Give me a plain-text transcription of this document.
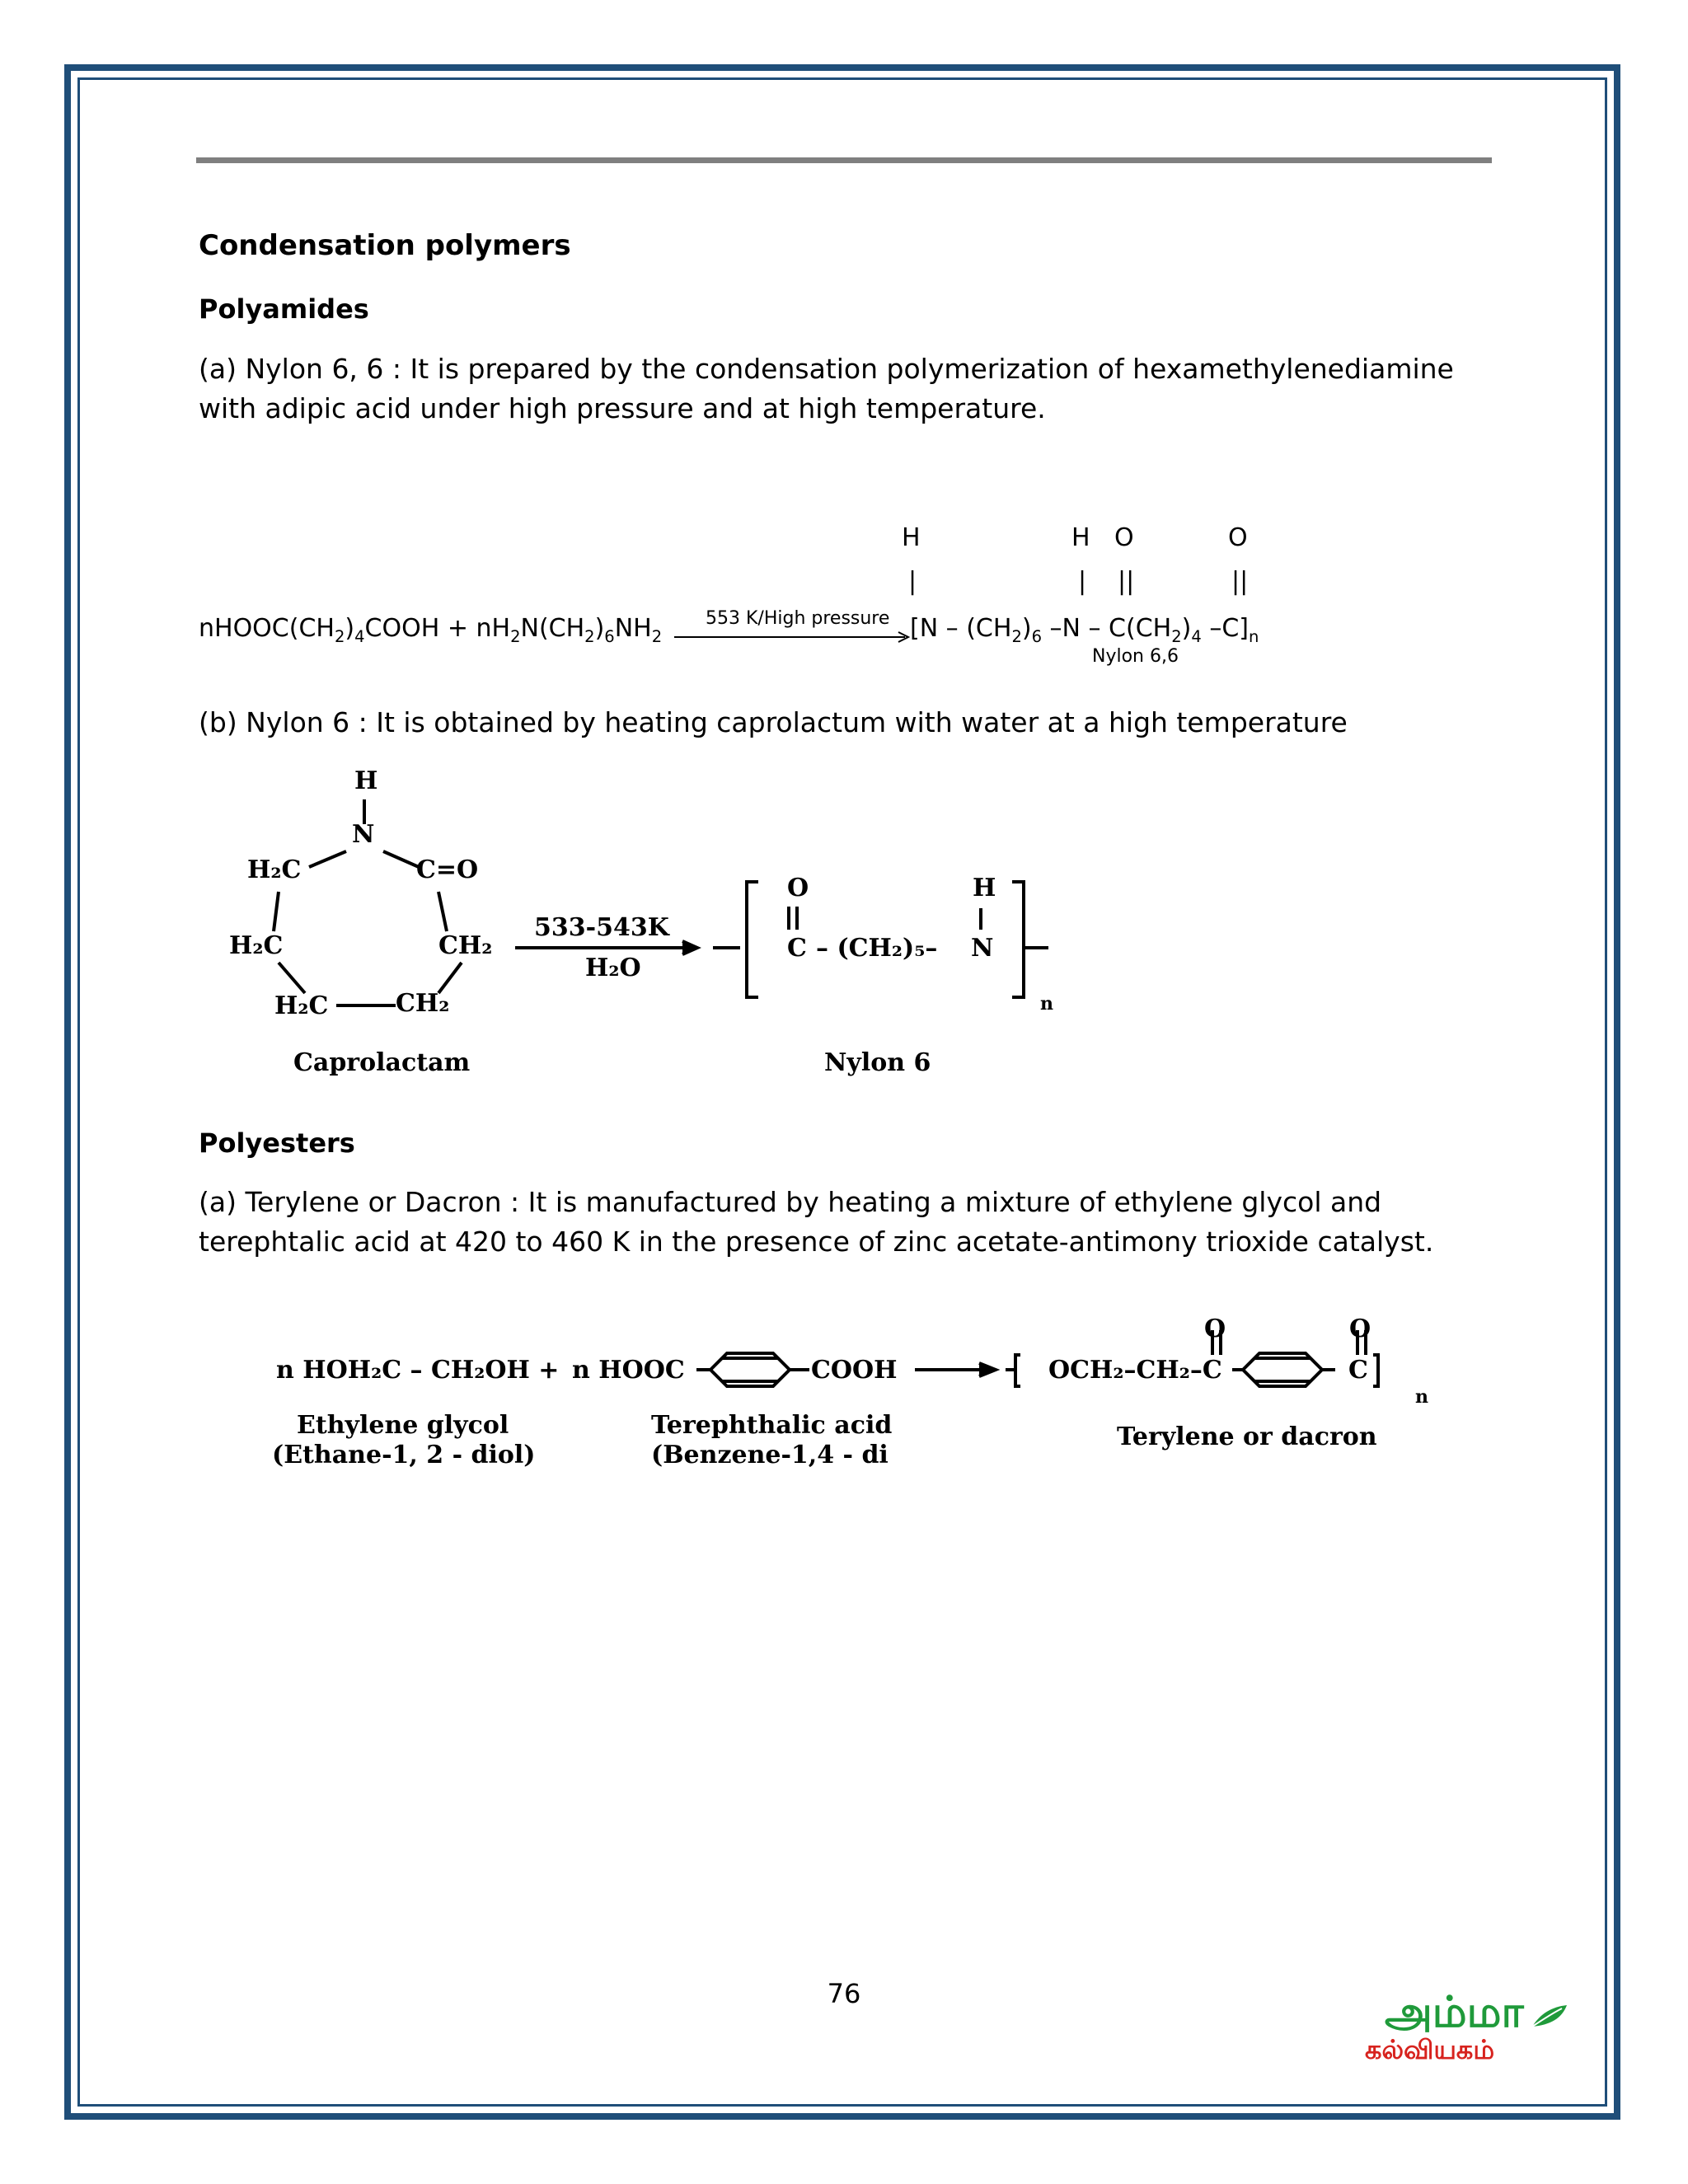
Condensation polymers
Polyamides
(a) Nylon 6, 6 : It is prepared by the condensation polymerization of hexamethylenediamine with adipic acid under high pressure and at high temperature.
$nHOOC(CH_2)_4COOH + nH_2N(CH_2)_6NH_2$
553 K/High pressure [$N - (CH_2)_6$ $-N - C(CH_2)_4$ $-C]_n$
H	H O	O
|	| ||	||
Nylon 6,6
(b) Nylon 6 : It is obtained by heating caprolactum with water at a high temperature
H
N
H₂C	C=O
H₂C	CH₂
H₂C	CH₂
533-543K
H₂O
O	H
C – (CH₂)₅– N
n
Caprolactam	Nylon 6
Polyesters
(a) Terylene or Dacron : It is manufactured by heating a mixture of ethylene glycol and terephtalic acid at 420 to 460 K in the presence of zinc acetate-antimony trioxide catalyst.
n HOH₂C – CH₂OH + n HOOC	COOH	OCH₂–CH₂–C
O	O
C
n
Ethylene glycol
(Ethane-1, 2 - diol)
Terephthalic acid
(Benzene-1,4 - di
Terylene or dacron
76	அம்மா
கல்வியகம்
